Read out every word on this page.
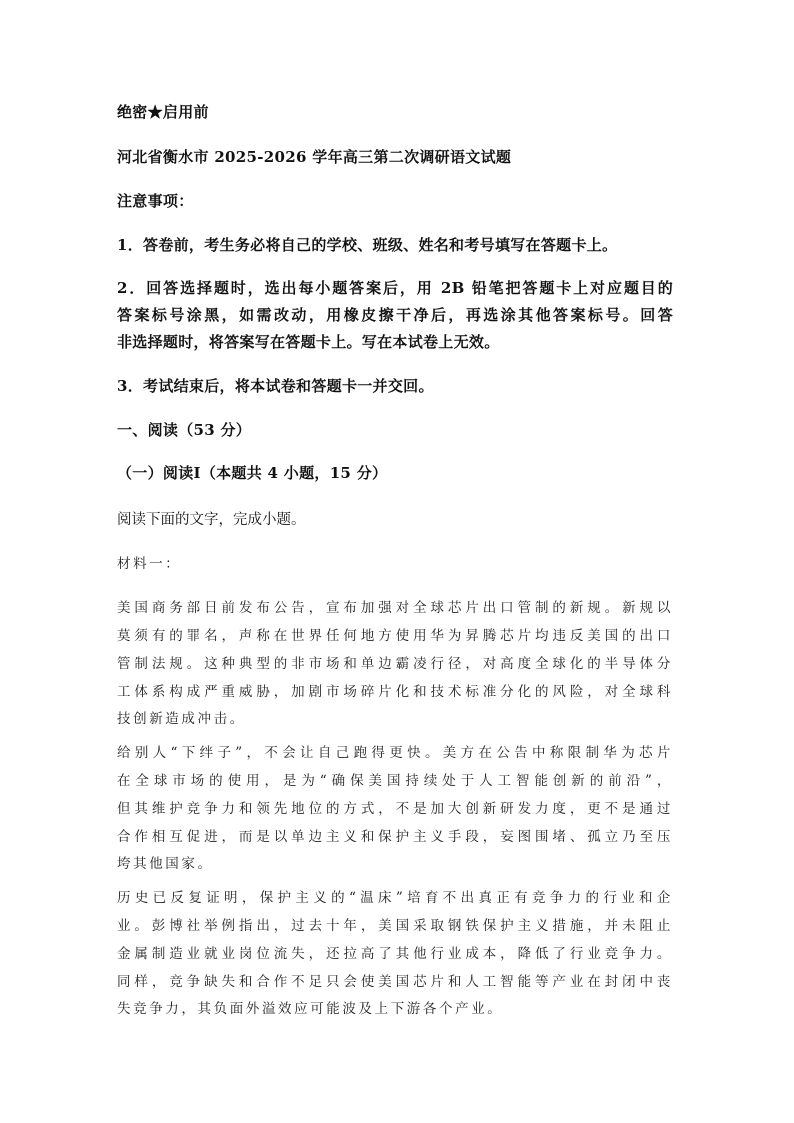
绝密★启用前
河北省衡水市 2025-2026 学年高三第二次调研语文试题
注意事项：
1．答卷前，考生务必将自己的学校、班级、姓名和考号填写在答题卡上。
2．回答选择题时，选出每小题答案后，用 2B 铅笔把答题卡上对应题目的
答案标号涂黑，如需改动，用橡皮擦干净后，再选涂其他答案标号。回答
非选择题时，将答案写在答题卡上。写在本试卷上无效。
3．考试结束后，将本试卷和答题卡一并交回。
一、阅读（53 分）
（一）阅读Ⅰ（本题共 4 小题，15 分）
阅读下面的文字，完成小题。
材料一：
美国商务部日前发布公告，宣布加强对全球芯片出口管制的新规。新规以
莫须有的罪名，声称在世界任何地方使用华为昇腾芯片均违反美国的出口
管制法规。这种典型的非市场和单边霸凌行径，对高度全球化的半导体分
工体系构成严重威胁，加剧市场碎片化和技术标准分化的风险，对全球科
技创新造成冲击。
给别人“下绊子”，不会让自己跑得更快。美方在公告中称限制华为芯片
在全球市场的使用，是为“确保美国持续处于人工智能创新的前沿”，
但其维护竞争力和领先地位的方式，不是加大创新研发力度，更不是通过
合作相互促进，而是以单边主义和保护主义手段，妄图围堵、孤立乃至压
垮其他国家。
历史已反复证明，保护主义的“温床”培育不出真正有竞争力的行业和企
业。彭博社举例指出，过去十年，美国采取钢铁保护主义措施，并未阻止
金属制造业就业岗位流失，还拉高了其他行业成本，降低了行业竞争力。
同样，竞争缺失和合作不足只会使美国芯片和人工智能等产业在封闭中丧
失竞争力，其负面外溢效应可能波及上下游各个产业。
